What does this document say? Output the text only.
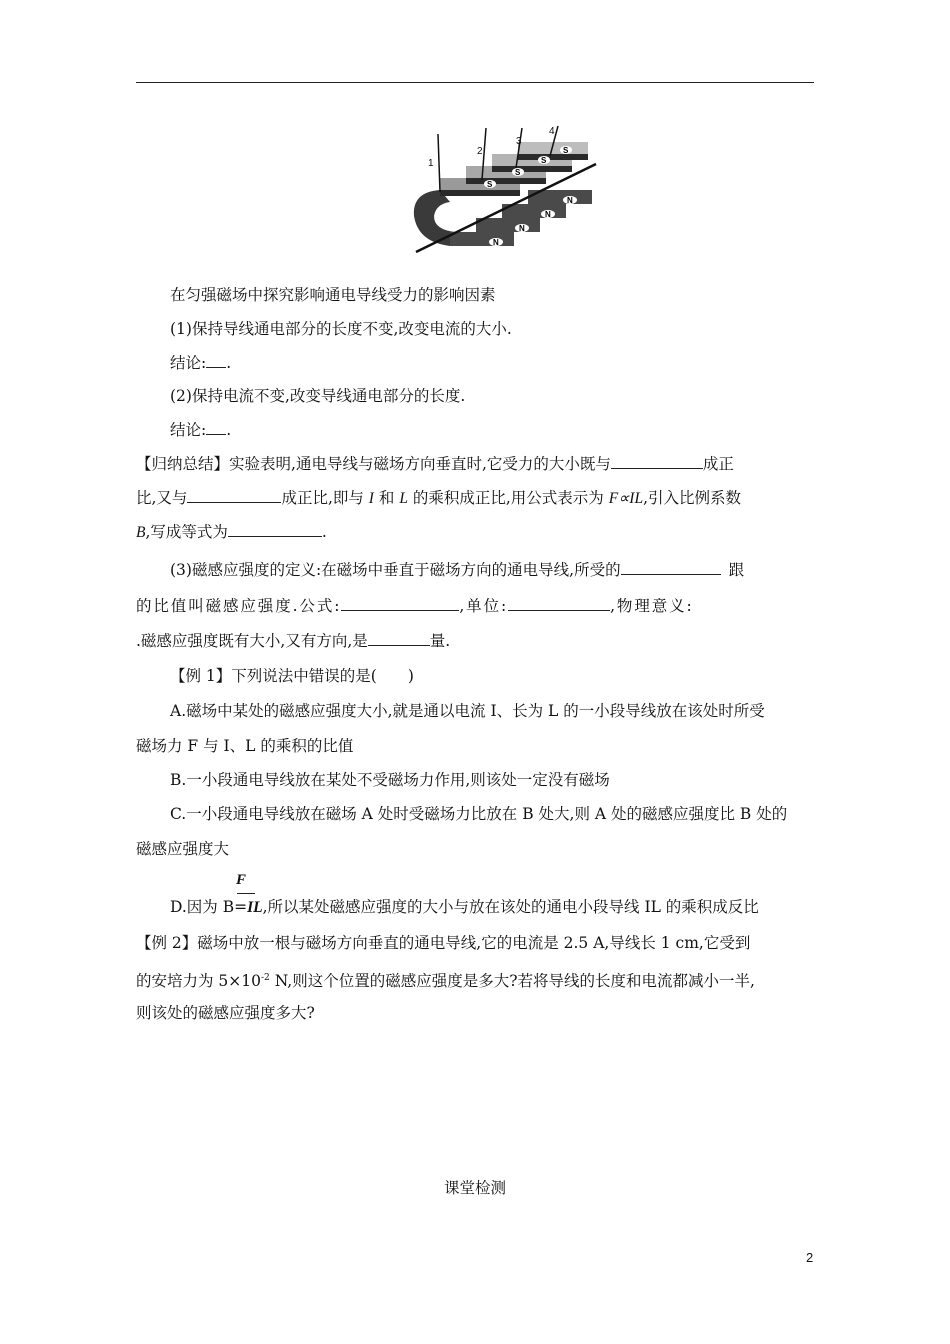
S
S
S
S
N
N
N
N
1
2
3
4
在匀强磁场中探究影响通电导线受力的影响因素
(1)保持导线通电部分的长度不变,改变电流的大小.
结论: .
(2)保持电流不变,改变导线通电部分的长度.
结论: .
【归纳总结】实验表明,通电导线与磁场方向垂直时,它受力的大小既与	成正
比,又与	成正比,即与 I 和 L 的乘积成正比,用公式表示为 F∝IL,引入比例系数
B,写成等式为	.
(3)磁感应强度的定义:在磁场中垂直于磁场方向的通电导线,所受的	跟
的比值叫磁感应强度.公式:	,单位:	,物理意义:
.磁感应强度既有大小,又有方向,是	量.
【例 1】下列说法中错误的是(　　)
A.磁场中某处的磁感应强度大小,就是通以电流 I、长为 L 的一小段导线放在该处时所受
磁场力 F 与 I、L 的乘积的比值
B.一小段通电导线放在某处不受磁场力作用,则该处一定没有磁场
C.一小段通电导线放在磁场 A 处时受磁场力比放在 B 处大,则 A 处的磁感应强度比 B 处的
磁感应强度大
F
D.因为 B=IL,所以某处磁感应强度的大小与放在该处的通电小段导线 IL 的乘积成反比
【例 2】磁场中放一根与磁场方向垂直的通电导线,它的电流是 2.5 A,导线长 1 cm,它受到
的安培力为 $5\times 10^{-2}$ N,则这个位置的磁感应强度是多大?若将导线的长度和电流都减小一半,
则该处的磁感应强度多大?
课堂检测
2
